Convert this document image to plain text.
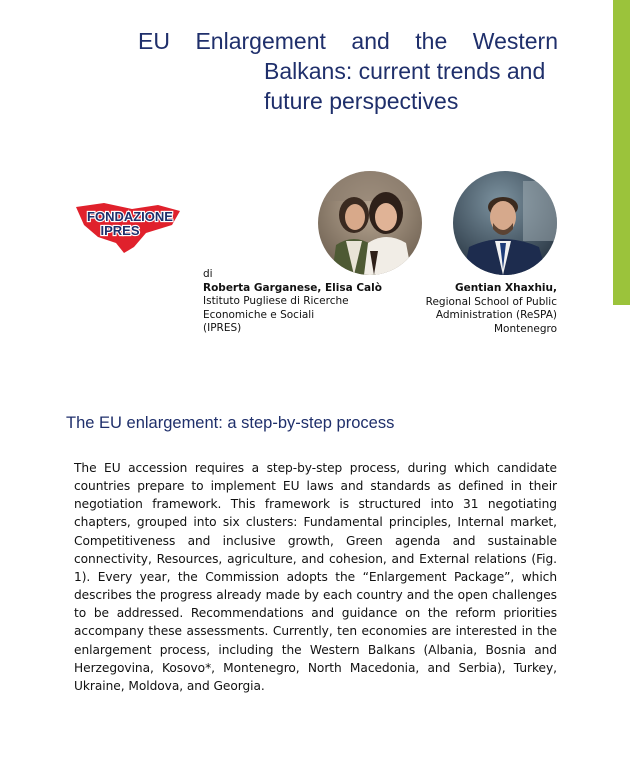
EU Enlargement and the Western
Balkans: current trends and
future perspectives
FONDAZIONE
IPRES
di
Roberta Garganese, Elisa Calò
Istituto Pugliese di Ricerche
Economiche e Sociali
(IPRES)
Gentian Xhaxhiu,
Regional School of Public
Administration (ReSPA)
Montenegro
The EU enlargement: a step-by-step process

The EU accession requires a step-by-step process, during which candidate countries prepare to implement EU laws and standards as defined in their negotiation framework. This framework is structured into 31 negotiating chapters, grouped into six clusters: Fundamental principles, Internal market, Competitiveness and inclusive growth, Green agenda and sustainable connectivity, Resources, agriculture, and cohesion, and External relations (Fig. 1). Every year, the Commission adopts the “Enlargement Package”, which describes the progress already made by each country and the open challenges to be addressed. Recommendations and guidance on the reform priorities accompany these assessments. Currently, ten economies are interested in the enlargement process, including the Western Balkans (Albania, Bosnia and Herzegovina, Kosovo*, Montenegro, North Macedonia, and Serbia), Turkey, Ukraine, Moldova, and Georgia.
